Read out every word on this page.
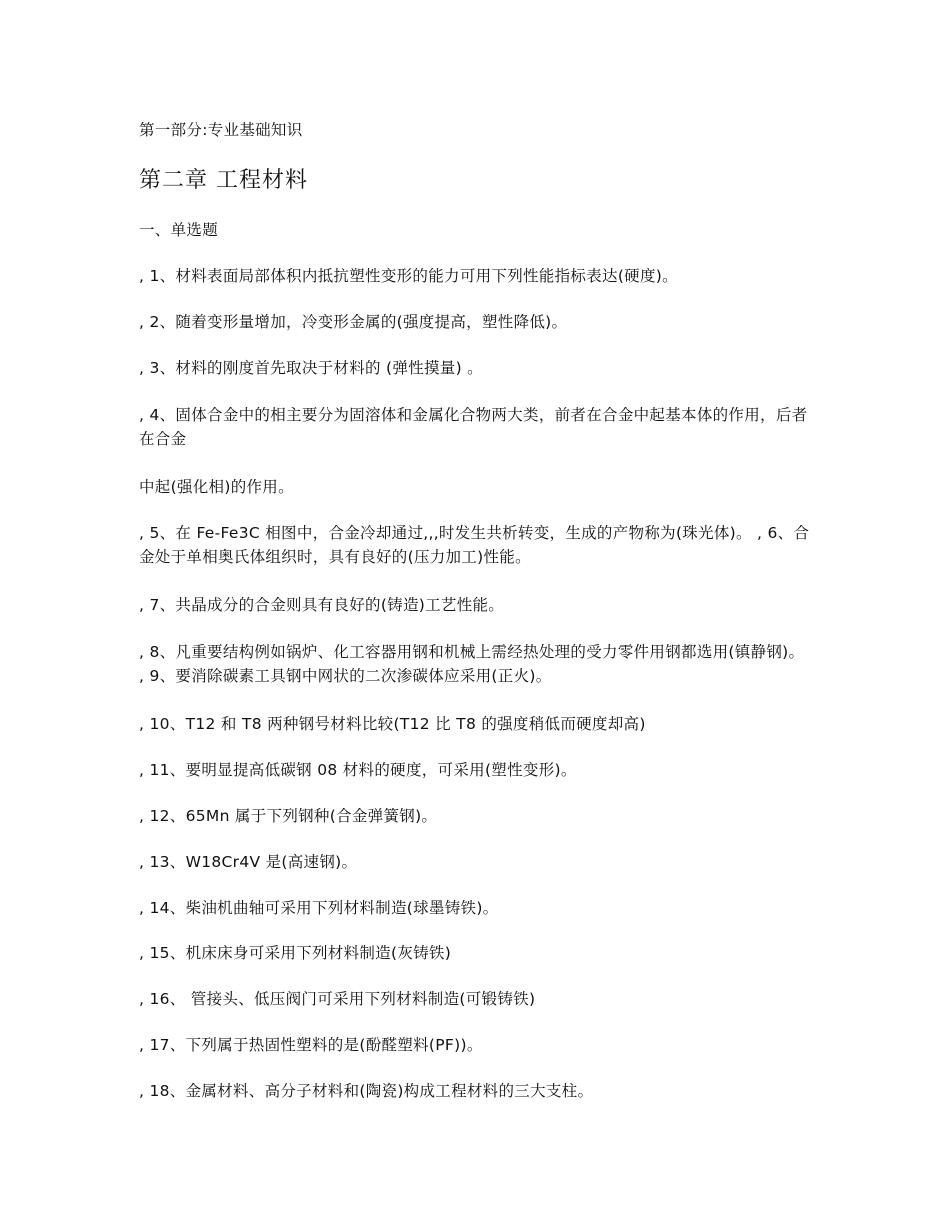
第一部分:专业基础知识
第二章 工程材料
一、单选题
, 1、材料表面局部体积内抵抗塑性变形的能力可用下列性能指标表达(硬度)。
, 2、随着变形量增加，冷变形金属的(强度提高，塑性降低)。
, 3、材料的刚度首先取决于材料的 (弹性摸量) 。
, 4、固体合金中的相主要分为固溶体和金属化合物两大类，前者在合金中起基本体的作用，后者在合金
中起(强化相)的作用。
, 5、在 Fe-Fe3C 相图中，合金冷却通过,,,时发生共析转变，生成的产物称为(珠光体)。 , 6、合金处于单相奥氏体组织时，具有良好的(压力加工)性能。
, 7、共晶成分的合金则具有良好的(铸造)工艺性能。
, 8、凡重要结构例如锅炉、化工容器用钢和机械上需经热处理的受力零件用钢都选用(镇静钢)。 , 9、要消除碳素工具钢中网状的二次渗碳体应采用(正火)。
, 10、T12 和 T8 两种钢号材料比较(T12 比 T8 的强度稍低而硬度却高)
, 11、要明显提高低碳钢 08 材料的硬度，可采用(塑性变形)。
, 12、65Mn 属于下列钢种(合金弹簧钢)。
, 13、W18Cr4V 是(高速钢)。
, 14、柴油机曲轴可采用下列材料制造(球墨铸铁)。
, 15、机床床身可采用下列材料制造(灰铸铁)
, 16、 管接头、低压阀门可采用下列材料制造(可锻铸铁)
, 17、下列属于热固性塑料的是(酚醛塑料(PF))。
, 18、金属材料、高分子材料和(陶瓷)构成工程材料的三大支柱。
